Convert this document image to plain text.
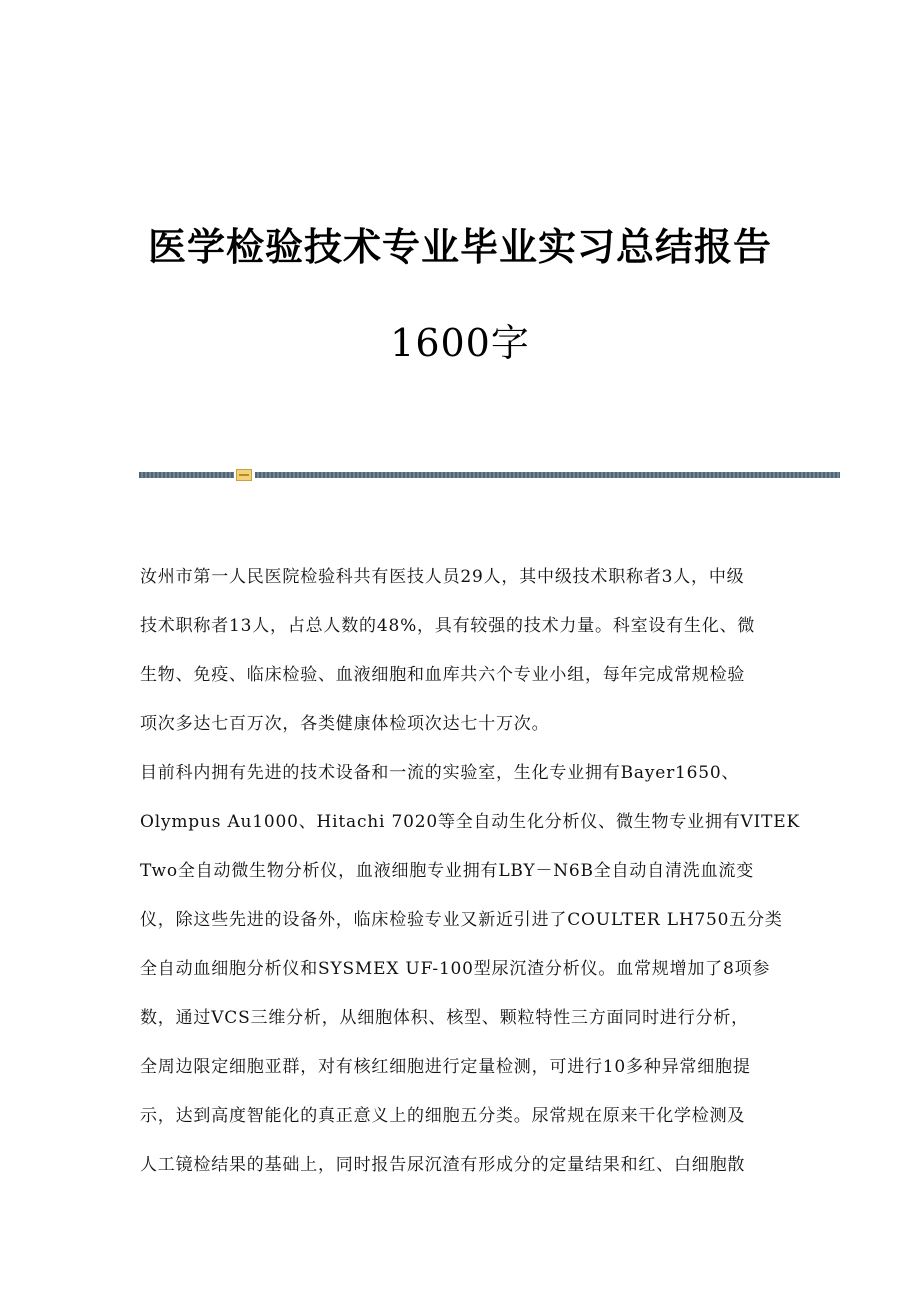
医学检验技术专业毕业实习总结报告
1600字
汝州市第一人民医院检验科共有医技人员29人，其中级技术职称者3人，中级
技术职称者13人，占总人数的48%，具有较强的技术力量。科室设有生化、微
生物、免疫、临床检验、血液细胞和血库共六个专业小组，每年完成常规检验
项次多达七百万次，各类健康体检项次达七十万次。
目前科内拥有先进的技术设备和一流的实验室，生化专业拥有Bayer1650、
Olympus Au1000、Hitachi 7020等全自动生化分析仪、微生物专业拥有VITEK
Two全自动微生物分析仪，血液细胞专业拥有LBY－N6B全自动自清洗血流变
仪，除这些先进的设备外，临床检验专业又新近引进了COULTER LH750五分类
全自动血细胞分析仪和SYSMEX UF-100型尿沉渣分析仪。血常规增加了8项参
数，通过VCS三维分析，从细胞体积、核型、颗粒特性三方面同时进行分析，
全周边限定细胞亚群，对有核红细胞进行定量检测，可进行10多种异常细胞提
示，达到高度智能化的真正意义上的细胞五分类。尿常规在原来干化学检测及
人工镜检结果的基础上，同时报告尿沉渣有形成分的定量结果和红、白细胞散
